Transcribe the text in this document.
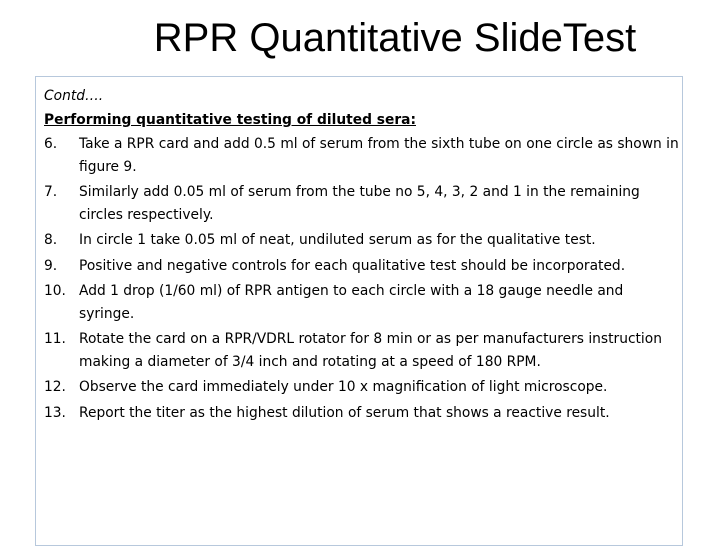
RPR Quantitative SlideTest

Contd….

Performing quantitative testing of diluted sera:

6. Take a RPR card and add 0.5 ml of serum from the sixth tube on one circle as shown in figure 9.
7. Similarly add 0.05 ml of serum from the tube no 5, 4, 3, 2 and 1 in the remaining circles respectively.
8. In circle 1 take 0.05 ml of neat, undiluted serum as for the qualitative test.
9. Positive and negative controls for each qualitative test should be incorporated.
10. Add 1 drop (1/60 ml) of RPR antigen to each circle with a 18 gauge needle and syringe.
11. Rotate the card on a RPR/VDRL rotator for 8 min or as per manufacturers instruction making a diameter of 3/4 inch and rotating at a speed of 180 RPM.
12. Observe the card immediately under 10 x magnification of light microscope.
13. Report the titer as the highest dilution of serum that shows a reactive result.
